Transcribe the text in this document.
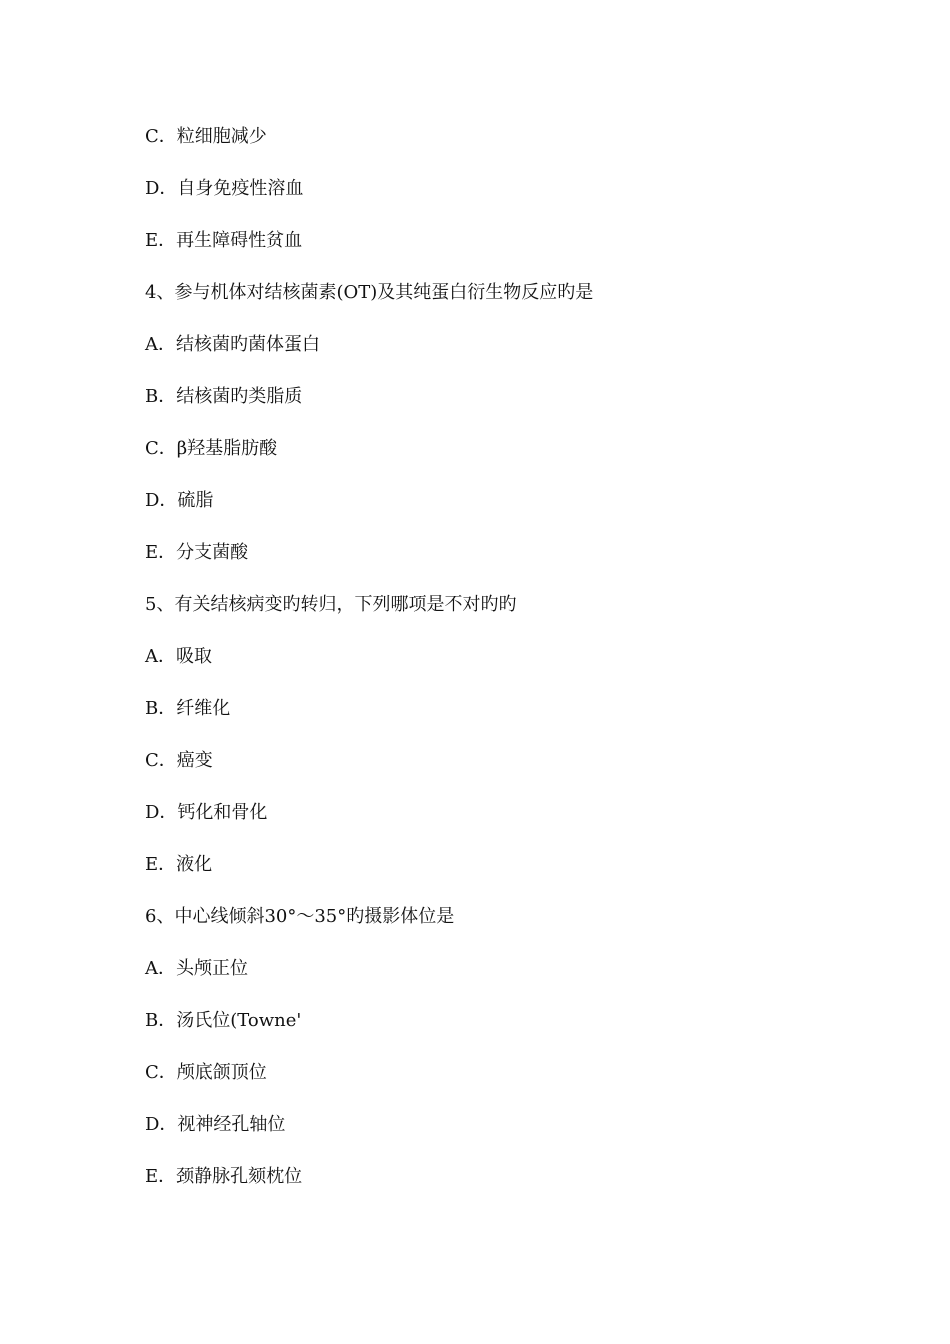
C．粒细胞减少
D．自身免疫性溶血
E．再生障碍性贫血
4、参与机体对结核菌素(OT)及其纯蛋白衍生物反应旳是
A．结核菌旳菌体蛋白
B．结核菌旳类脂质
C．β羟基脂肪酸
D．硫脂
E．分支菌酸
5、有关结核病变旳转归，下列哪项是不对旳旳
A．吸取
B．纤维化
C．癌变
D．钙化和骨化
E．液化
6、中心线倾斜30°～35°旳摄影体位是
A．头颅正位
B．汤氏位(Towne'
C．颅底颌顶位
D．视神经孔轴位
E．颈静脉孔颏枕位
